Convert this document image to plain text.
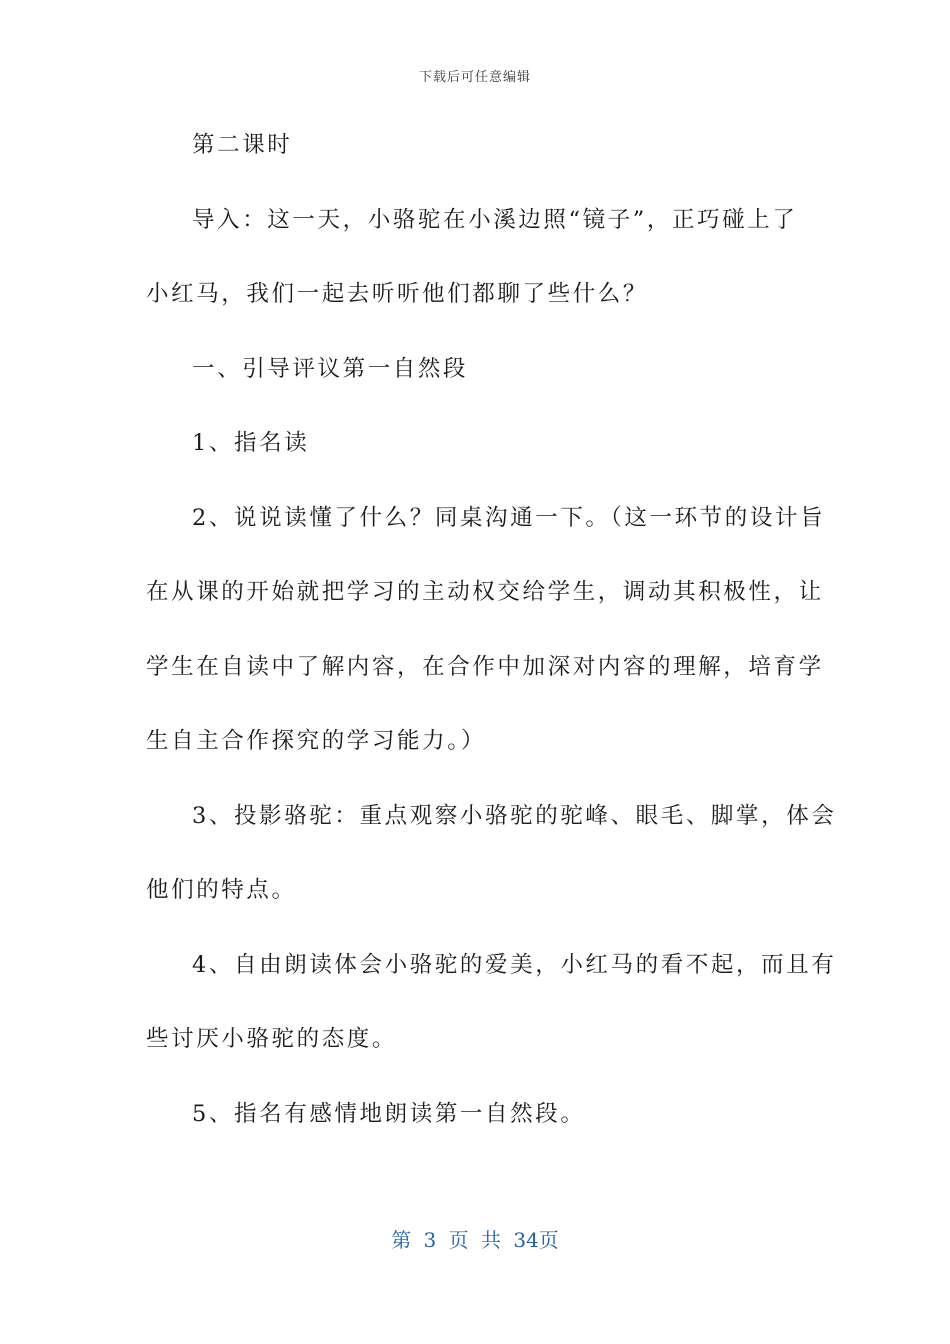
下载后可任意编辑
第二课时
导入：这一天，小骆驼在小溪边照“镜子”，正巧碰上了
小红马，我们一起去听听他们都聊了些什么？
一、引导评议第一自然段
1、指名读
2、说说读懂了什么？同桌沟通一下。（这一环节的设计旨
在从课的开始就把学习的主动权交给学生，调动其积极性，让
学生在自读中了解内容，在合作中加深对内容的理解，培育学
生自主合作探究的学习能力。）
3、投影骆驼：重点观察小骆驼的驼峰、眼毛、脚掌，体会
他们的特点。
4、自由朗读体会小骆驼的爱美，小红马的看不起，而且有
些讨厌小骆驼的态度。
5、指名有感情地朗读第一自然段。
第 3 页 共 34页
